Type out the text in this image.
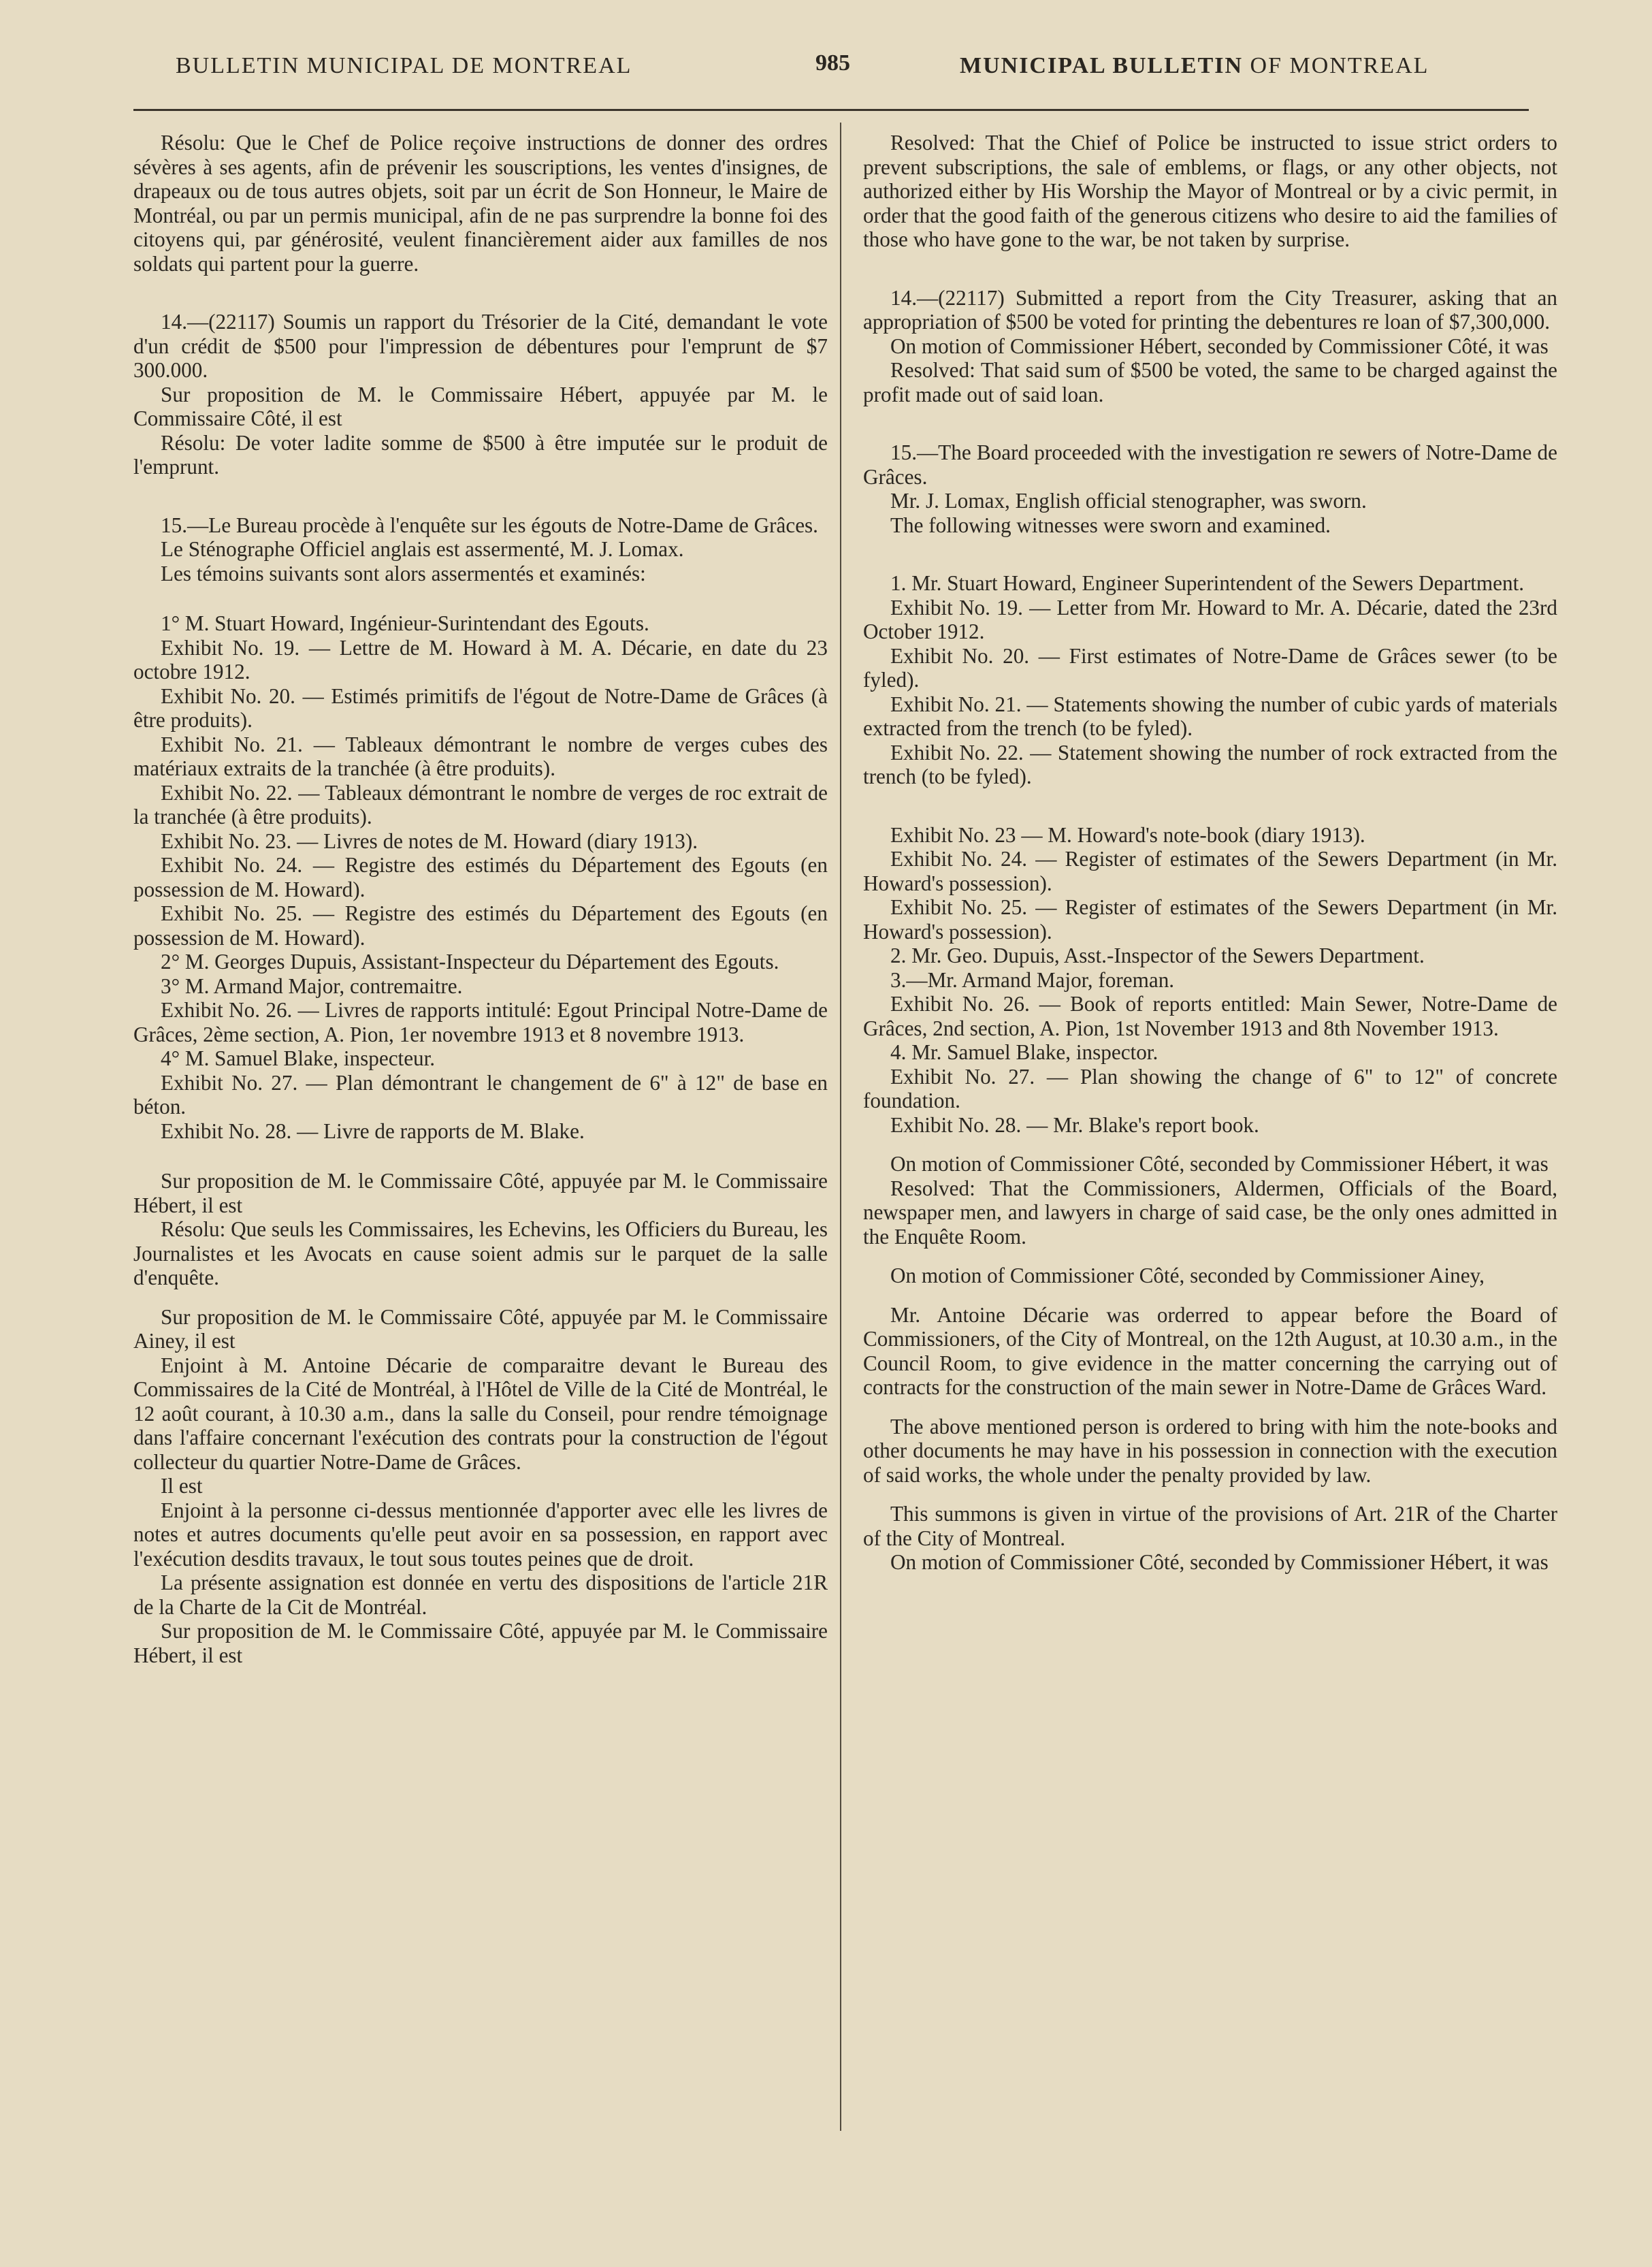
BULLETIN MUNICIPAL DE MONTREAL	985	MUNICIPAL BULLETIN OF MONTREAL

Résolu: Que le Chef de Police reçoive instructions de donner des ordres sévères à ses agents, afin de prévenir les souscriptions, les ventes d'insignes, de drapeaux ou de tous autres objets, soit par un écrit de Son Honneur, le Maire de Montréal, ou par un permis municipal, afin de ne pas surprendre la bonne foi des citoyens qui, par générosité, veulent financièrement aider aux familles de nos soldats qui partent pour la guerre.

14.—(22117) Soumis un rapport du Trésorier de la Cité, demandant le vote d'un crédit de $500 pour l'impression de débentures pour l'emprunt de $7 300.000.

Sur proposition de M. le Commissaire Hébert, appuyée par M. le Commissaire Côté, il est

Résolu: De voter ladite somme de $500 à être imputée sur le produit de l'emprunt.

15.—Le Bureau procède à l'enquête sur les égouts de Notre-Dame de Grâces.

Le Sténographe Officiel anglais est assermenté, M. J. Lomax.

Les témoins suivants sont alors assermentés et examinés:

1° M. Stuart Howard, Ingénieur-Surintendant des Egouts.

Exhibit No. 19. — Lettre de M. Howard à M. A. Décarie, en date du 23 octobre 1912.

Exhibit No. 20. — Estimés primitifs de l'égout de Notre-Dame de Grâces (à être produits).

Exhibit No. 21. — Tableaux démontrant le nombre de verges cubes des matériaux extraits de la tranchée (à être produits).

Exhibit No. 22. — Tableaux démontrant le nombre de verges de roc extrait de la tranchée (à être produits).

Exhibit No. 23. — Livres de notes de M. Howard (diary 1913).

Exhibit No. 24. — Registre des estimés du Département des Egouts (en possession de M. Howard).

Exhibit No. 25. — Registre des estimés du Département des Egouts (en possession de M. Howard).

2° M. Georges Dupuis, Assistant-Inspecteur du Département des Egouts.

3° M. Armand Major, contremaitre.

Exhibit No. 26. — Livres de rapports intitulé: Egout Principal Notre-Dame de Grâces, 2ème section, A. Pion, 1er novembre 1913 et 8 novembre 1913.

4° M. Samuel Blake, inspecteur.

Exhibit No. 27. — Plan démontrant le changement de 6" à 12" de base en béton.

Exhibit No. 28. — Livre de rapports de M. Blake.

Sur proposition de M. le Commissaire Côté, appuyée par M. le Commissaire Hébert, il est

Résolu: Que seuls les Commissaires, les Echevins, les Officiers du Bureau, les Journalistes et les Avocats en cause soient admis sur le parquet de la salle d'enquête.

Sur proposition de M. le Commissaire Côté, appuyée par M. le Commissaire Ainey, il est

Enjoint à M. Antoine Décarie de comparaitre devant le Bureau des Commissaires de la Cité de Montréal, à l'Hôtel de Ville de la Cité de Montréal, le 12 août courant, à 10.30 a.m., dans la salle du Conseil, pour rendre témoignage dans l'affaire concernant l'exécution des contrats pour la construction de l'égout collecteur du quartier Notre-Dame de Grâces.

Il est

Enjoint à la personne ci-dessus mentionnée d'apporter avec elle les livres de notes et autres documents qu'elle peut avoir en sa possession, en rapport avec l'exécution desdits travaux, le tout sous toutes peines que de droit.

La présente assignation est donnée en vertu des dispositions de l'article 21R de la Charte de la Cit de Montréal.

Sur proposition de M. le Commissaire Côté, appuyée par M. le Commissaire Hébert, il est

Resolved: That the Chief of Police be instructed to issue strict orders to prevent subscriptions, the sale of emblems, or flags, or any other objects, not authorized either by His Worship the Mayor of Montreal or by a civic permit, in order that the good faith of the generous citizens who desire to aid the families of those who have gone to the war, be not taken by surprise.

14.—(22117) Submitted a report from the City Treasurer, asking that an appropriation of $500 be voted for printing the debentures re loan of $7,300,000.

On motion of Commissioner Hébert, seconded by Commissioner Côté, it was

Resolved: That said sum of $500 be voted, the same to be charged against the profit made out of said loan.

15.—The Board proceeded with the investigation re sewers of Notre-Dame de Grâces.

Mr. J. Lomax, English official stenographer, was sworn.

The following witnesses were sworn and examined.

1. Mr. Stuart Howard, Engineer Superintendent of the Sewers Department.

Exhibit No. 19. — Letter from Mr. Howard to Mr. A. Décarie, dated the 23rd October 1912.

Exhibit No. 20. — First estimates of Notre-Dame de Grâces sewer (to be fyled).

Exhibit No. 21. — Statements showing the number of cubic yards of materials extracted from the trench (to be fyled).

Exhibit No. 22. — Statement showing the number of rock extracted from the trench (to be fyled).

Exhibit No. 23 — M. Howard's note-book (diary 1913).

Exhibit No. 24. — Register of estimates of the Sewers Department (in Mr. Howard's possession).

Exhibit No. 25. — Register of estimates of the Sewers Department (in Mr. Howard's possession).

2. Mr. Geo. Dupuis, Asst.-Inspector of the Sewers Department.

3.—Mr. Armand Major, foreman.

Exhibit No. 26. — Book of reports entitled: Main Sewer, Notre-Dame de Grâces, 2nd section, A. Pion, 1st November 1913 and 8th November 1913.

4. Mr. Samuel Blake, inspector.

Exhibit No. 27. — Plan showing the change of 6" to 12" of concrete foundation.

Exhibit No. 28. — Mr. Blake's report book.

On motion of Commissioner Côté, seconded by Commissioner Hébert, it was

Resolved: That the Commissioners, Aldermen, Officials of the Board, newspaper men, and lawyers in charge of said case, be the only ones admitted in the Enquête Room.

On motion of Commissioner Côté, seconded by Commissioner Ainey,

Mr. Antoine Décarie was orderred to appear before the Board of Commissioners, of the City of Montreal, on the 12th August, at 10.30 a.m., in the Council Room, to give evidence in the matter concerning the carrying out of contracts for the construction of the main sewer in Notre-Dame de Grâces Ward.

The above mentioned person is ordered to bring with him the note-books and other documents he may have in his possession in connection with the execution of said works, the whole under the penalty provided by law.

This summons is given in virtue of the provisions of Art. 21R of the Charter of the City of Montreal.

On motion of Commissioner Côté, seconded by Commissioner Hébert, it was
